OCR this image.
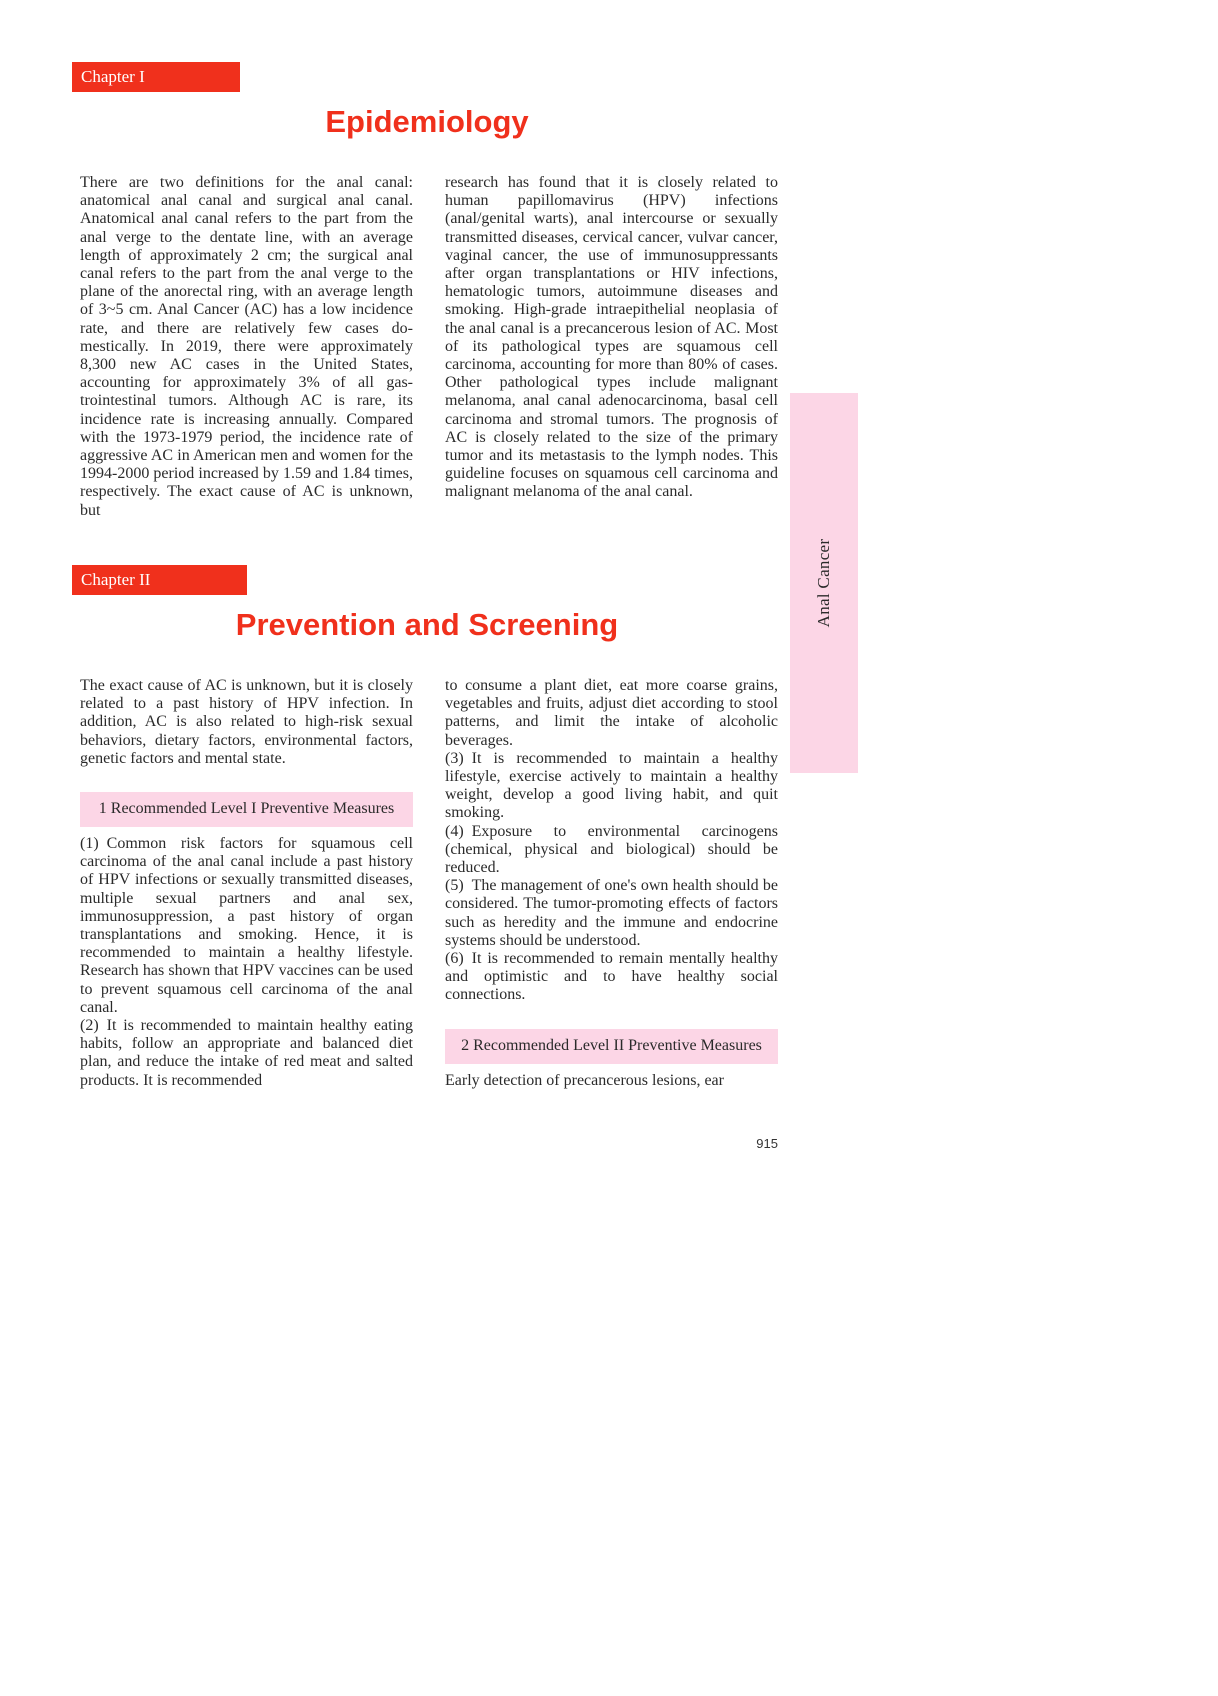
Chapter I
Epidemiology

There are two definitions for the anal canal: anatomical anal canal and surgical anal canal. Anatomical anal canal refers to the part from the anal verge to the dentate line, with an average length of approximately 2 cm; the surgical anal canal refers to the part from the anal verge to the plane of the anorectal ring, with an average length of 3~5 cm. Anal Cancer (AC) has a low incidence rate, and there are relatively few cases domestically. In 2019, there were approximately 8,300 new AC cases in the United States, accounting for approximately 3% of all gastrointestinal tumors. Although AC is rare, its incidence rate is increasing annually. Compared with the 1973-1979 period, the incidence rate of aggressive AC in American men and women for the 1994-2000 period increased by 1.59 and 1.84 times, respectively. The exact cause of AC is unknown, but

research has found that it is closely related to human papillomavirus (HPV) infections (anal/genital warts), anal intercourse or sexually transmitted diseases, cervical cancer, vulvar cancer, vaginal cancer, the use of immunosuppressants after organ transplantations or HIV infections, hematologic tumors, autoimmune diseases and smoking. High-grade intraepithelial neoplasia of the anal canal is a precancerous lesion of AC. Most of its pathological types are squamous cell carcinoma, accounting for more than 80% of cases. Other pathological types include malignant melanoma, anal canal adenocarcinoma, basal cell carcinoma and stromal tumors. The prognosis of AC is closely related to the size of the primary tumor and its metastasis to the lymph nodes. This guideline focuses on squamous cell carcinoma and malignant melanoma of the anal canal.

Chapter II
Prevention and Screening

The exact cause of AC is unknown, but it is closely related to a past history of HPV infection. In addition, AC is also related to high-risk sexual behaviors, dietary factors, environmental factors, genetic factors and mental state.

1 Recommended Level I Preventive Measures

(1) Common risk factors for squamous cell carcinoma of the anal canal include a past history of HPV infections or sexually transmitted diseases, multiple sexual partners and anal sex, immunosuppression, a past history of organ transplantations and smoking. Hence, it is recommended to maintain a healthy lifestyle. Research has shown that HPV vaccines can be used to prevent squamous cell carcinoma of the anal canal.

(2) It is recommended to maintain healthy eating habits, follow an appropriate and balanced diet plan, and reduce the intake of red meat and salted products. It is recommended

to consume a plant diet, eat more coarse grains, vegetables and fruits, adjust diet according to stool patterns, and limit the intake of alcoholic beverages.

(3) It is recommended to maintain a healthy lifestyle, exercise actively to maintain a healthy weight, develop a good living habit, and quit smoking.

(4) Exposure to environmental carcinogens (chemical, physical and biological) should be reduced.

(5) The management of one's own health should be considered. The tumor-promoting effects of factors such as heredity and the immune and endocrine systems should be understood.

(6) It is recommended to remain mentally healthy and optimistic and to have healthy social connections.

2 Recommended Level II Preventive Measures

Early detection of precancerous lesions, ear

Anal Cancer
915
